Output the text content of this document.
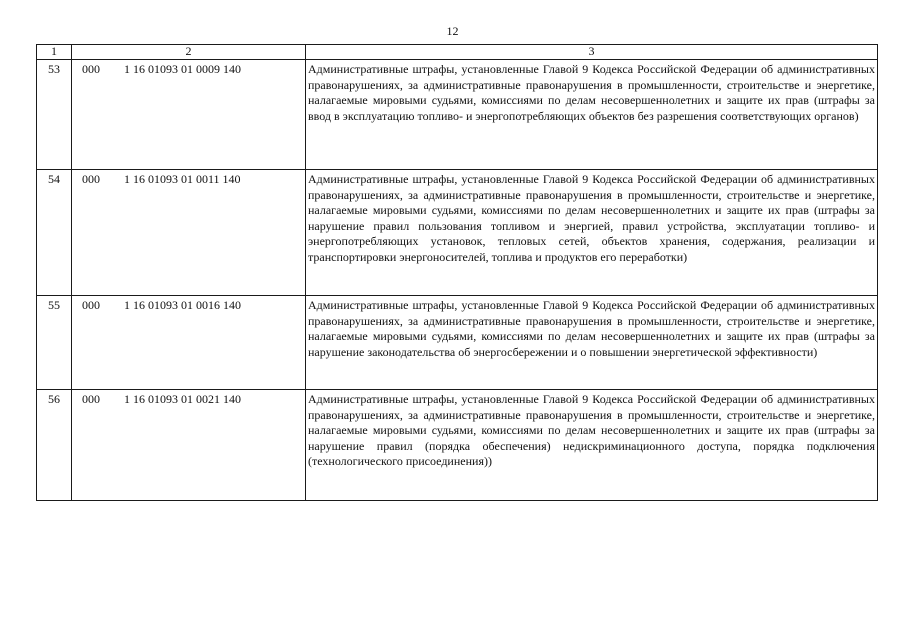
12
1	2	3
53	000 1 16 01093 01 0009 140	Административные штрафы, установленные Главой 9 Кодекса Российской Федерации об административных правонарушениях, за административные правонарушения в промышленности, строительстве и энергетике, налагаемые мировыми судьями, комиссиями по делам несовершеннолетних и защите их прав (штрафы за ввод в эксплуатацию топливо- и энергопотребляющих объектов без разрешения соответствующих органов)
54	000 1 16 01093 01 0011 140	Административные штрафы, установленные Главой 9 Кодекса Российской Федерации об административных правонарушениях, за административные правонарушения в промышленности, строительстве и энергетике, налагаемые мировыми судьями, комиссиями по делам несовершеннолетних и защите их прав (штрафы за нарушение правил пользования топливом и энергией, правил устройства, эксплуатации топливо- и энергопотребляющих установок, тепловых сетей, объектов хранения, содержания, реализации и транспортировки энергоносителей, топлива и продуктов его переработки)
55	000 1 16 01093 01 0016 140	Административные штрафы, установленные Главой 9 Кодекса Российской Федерации об административных правонарушениях, за административные правонарушения в промышленности, строительстве и энергетике, налагаемые мировыми судьями, комиссиями по делам несовершеннолетних и защите их прав (штрафы за нарушение законодательства об энергосбережении и о повышении энергетической эффективности)
56	000 1 16 01093 01 0021 140	Административные штрафы, установленные Главой 9 Кодекса Российской Федерации об административных правонарушениях, за административные правонарушения в промышленности, строительстве и энергетике, налагаемые мировыми судьями, комиссиями по делам несовершеннолетних и защите их прав (штрафы за нарушение правил (порядка обеспечения) недискриминационного доступа, порядка подключения (технологического присоединения))
